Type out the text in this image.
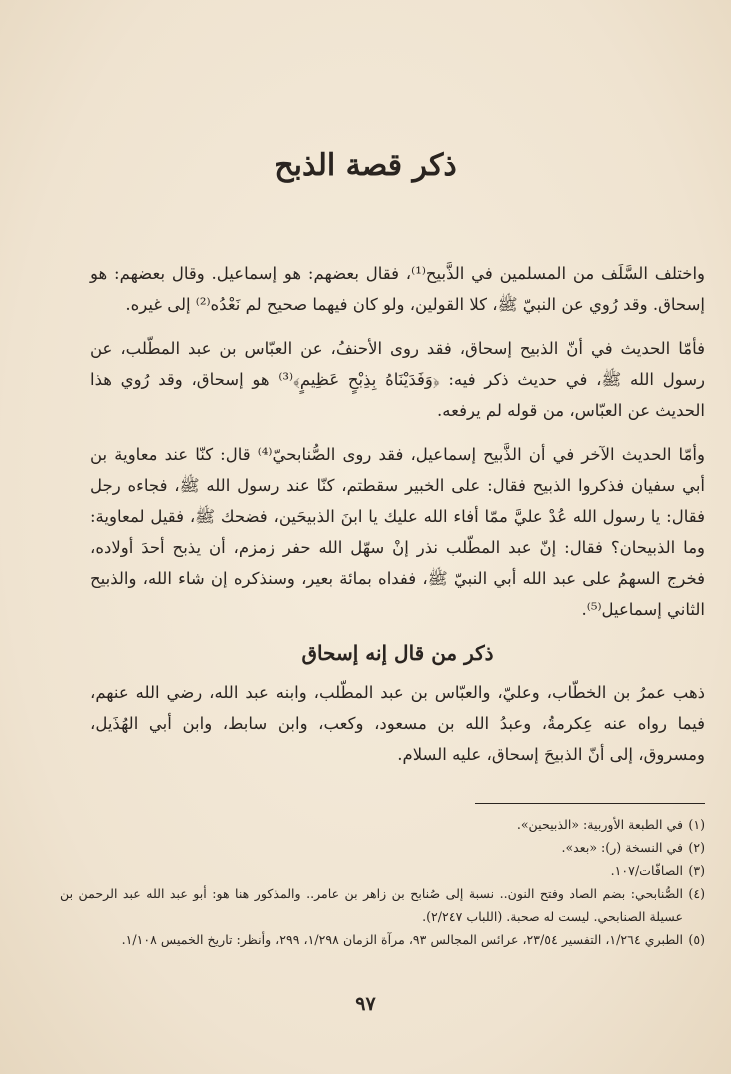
ذكر قصة الذبح

واختلف السَّلَف من المسلمين في الذَّبيح⁽¹⁾، فقال بعضهم: هو إسماعيل. وقال بعضهم: هو إسحاق. وقد رُوي عن النبيّ ﷺ، كلا القولين، ولو كان فيهما صحيح لم نَعْدُه⁽²⁾ إلى غيره.

فأمّا الحديث في أنّ الذبيح إسحاق، فقد روى الأحنفُ، عن العبّاس بن عبد المطّلب، عن رسول الله ﷺ، في حديث ذكر فيه: ﴿وَفَدَيْنَاهُ بِذِبْحٍ عَظِيمٍ﴾⁽³⁾ هو إسحاق، وقد رُوي هذا الحديث عن العبّاس، من قوله لم يرفعه.

وأمّا الحديث الآخر في أن الذَّبيح إسماعيل، فقد روى الصُّنابحيّ⁽⁴⁾ قال: كنّا عند معاوية بن أبي سفيان فذكروا الذبيح فقال: على الخبير سقطتم، كنّا عند رسول الله ﷺ، فجاءه رجل فقال: يا رسول الله عُدْ عليَّ ممّا أفاء الله عليك يا ابنَ الذبيحَين، فضحك ﷺ، فقيل لمعاوية: وما الذبيحان؟ فقال: إنّ عبد المطّلب نذر إنْ سهّل الله حفر زمزم، أن يذبح أحدَ أولاده، فخرج السهمُ على عبد الله أبي النبيّ ﷺ، ففداه بمائة بعير، وسنذكره إن شاء الله، والذبيح الثاني إسماعيل⁽⁵⁾.

ذكر من قال إنه إسحاق

ذهب عمرُ بن الخطّاب، وعليّ، والعبّاس بن عبد المطّلب، وابنه عبد الله، رضي الله عنهم، فيما رواه عنه عِكرمةُ، وعبدُ الله بن مسعود، وكعب، وابن سابط، وابن أبي الهُذَيل، ومسروق، إلى أنّ الذبيحَ إسحاق، عليه السلام.

(١)
في الطبعة الأوربية: «الذبيحين».
(٢)
في النسخة (ر): «بعد».
(٣)
الصافّات/١٠٧.
(٤)
الصُّنابحي: بضم الصاد وفتح النون.. نسبة إلى صُنابح بن زاهر بن عامر.. والمذكور هنا هو: أبو عبد الله عبد الرحمن بن عسيلة الصنابحي. ليست له صحبة. (اللباب ٢/٢٤٧).
(٥)
الطبري ١/٢٦٤، التفسير ٢٣/٥٤، عرائس المجالس ٩٣، مرآة الزمان ١/٢٩٨، ٢٩٩، وأنظر: تاريخ الخميس ١/١٠٨.
٩٧
